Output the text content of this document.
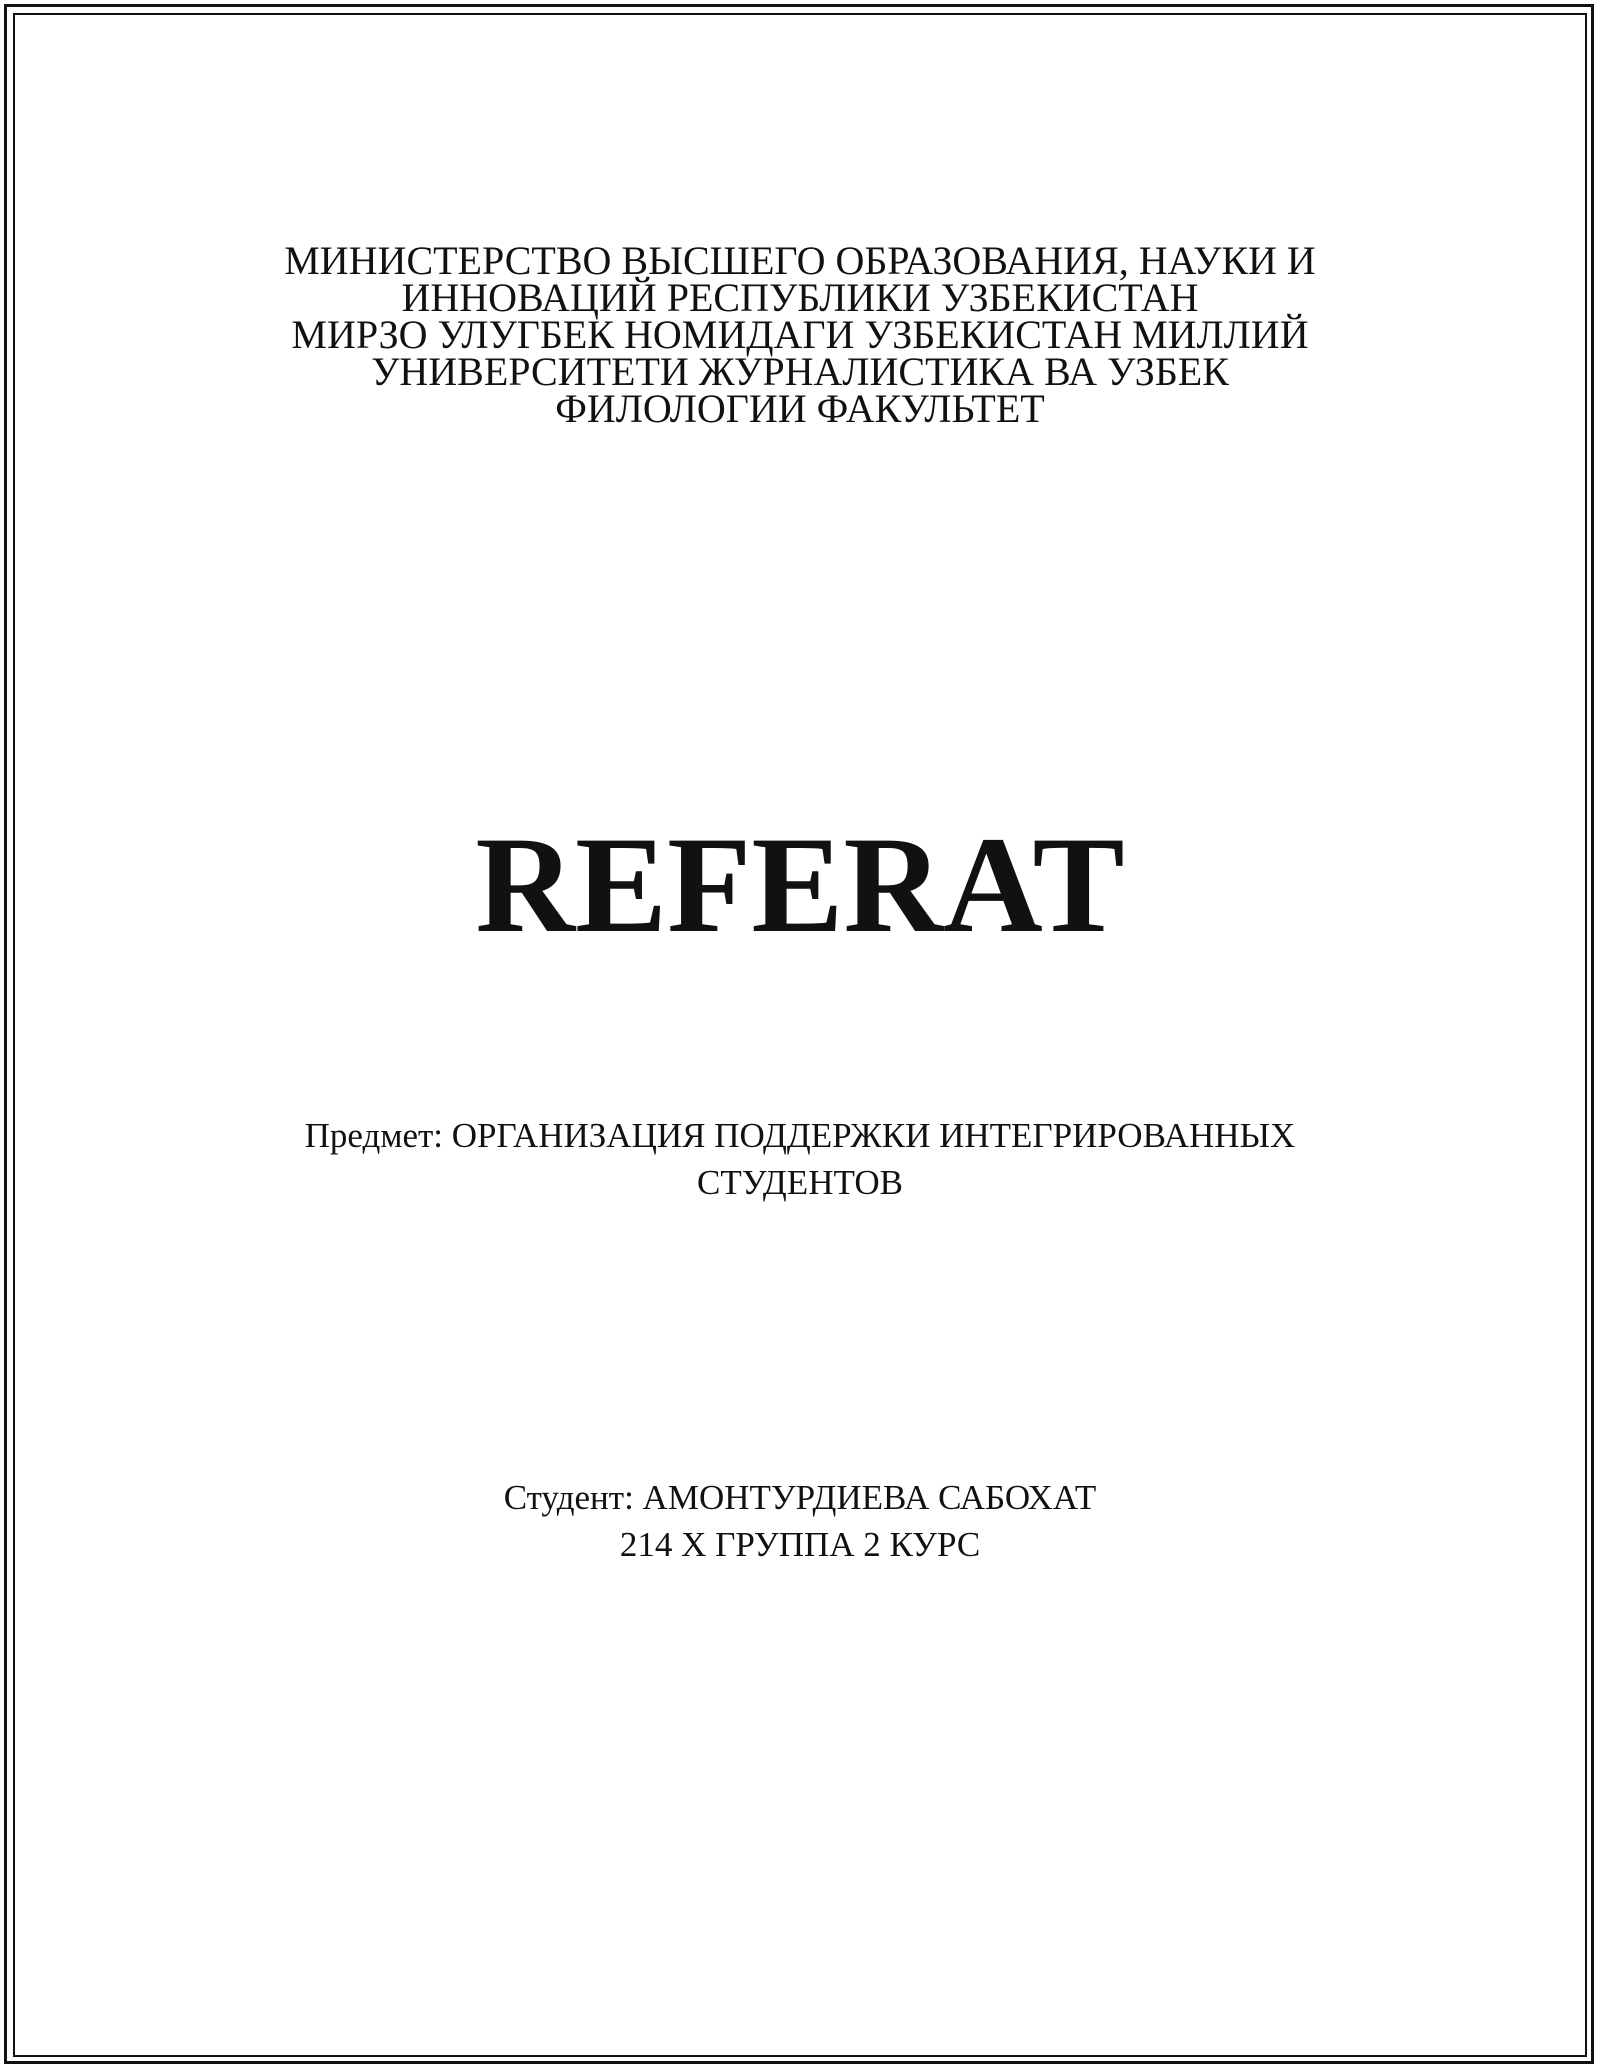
МИНИСТЕРСТВО ВЫСШЕГО ОБРАЗОВАНИЯ, НАУКИ И
ИННОВАЦИЙ РЕСПУБЛИКИ УЗБЕКИСТАН
МИРЗО УЛУГБЕК НОМИДАГИ УЗБЕКИСТАН МИЛЛИЙ
УНИВЕРСИТЕТИ ЖУРНАЛИСТИКА ВА УЗБЕК
ФИЛОЛОГИИ ФАКУЛЬТЕТ
REFERAT
Предмет: ОРГАНИЗАЦИЯ ПОДДЕРЖКИ ИНТЕГРИРОВАННЫХ
СТУДЕНТОВ
Студент: АМОНТУРДИЕВА САБОХАТ
214 Х ГРУППА 2 КУРС
